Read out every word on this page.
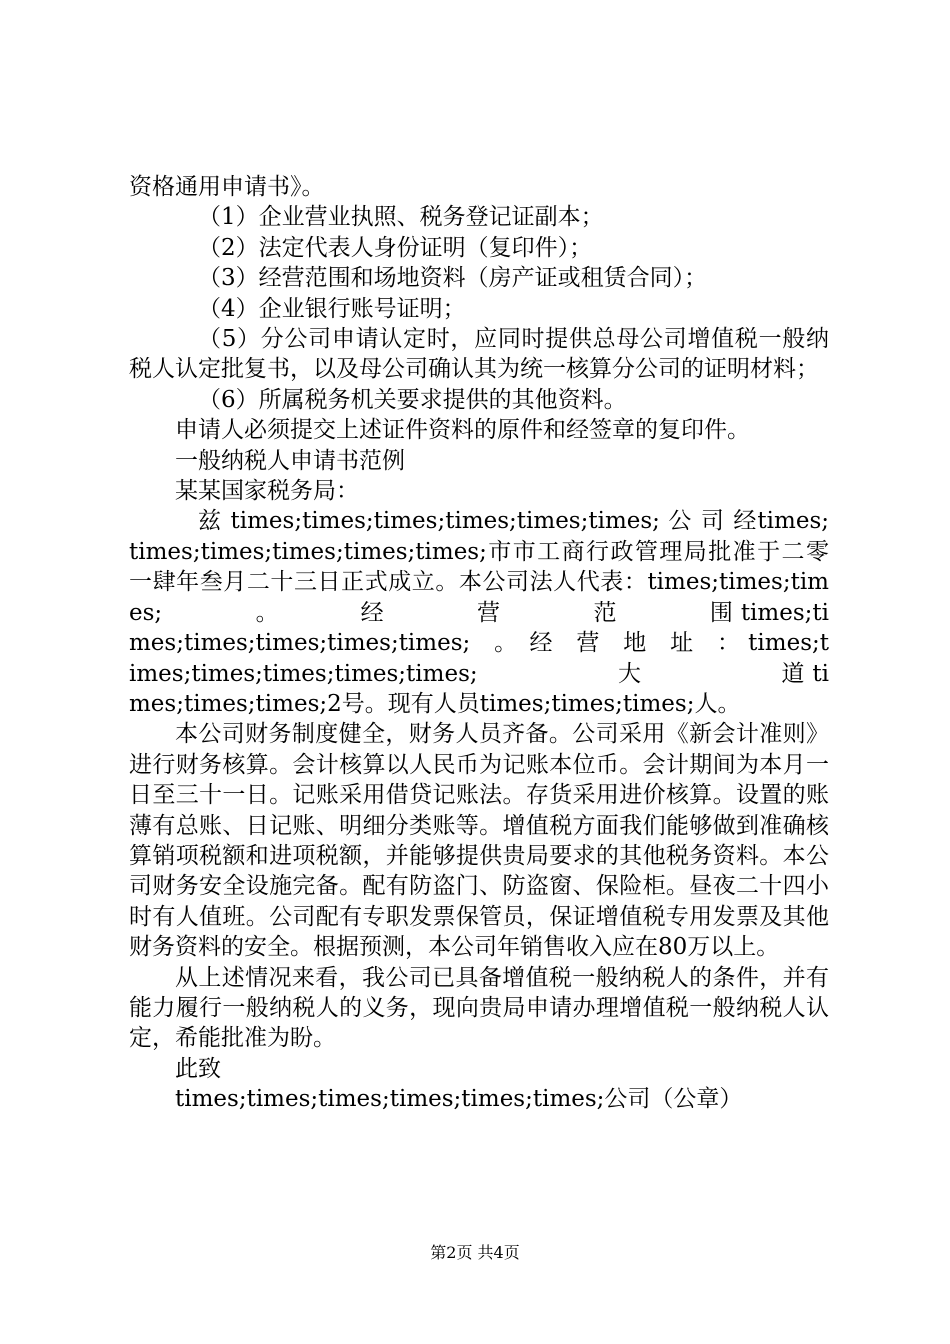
资格通用申请书》。

（1）企业营业执照、税务登记证副本；

（2）法定代表人身份证明（复印件）；

（3）经营范围和场地资料（房产证或租赁合同）；

（4）企业银行账号证明；

（5）分公司申请认定时，应同时提供总母公司增值税一般纳税人认定批复书，以及母公司确认其为统一核算分公司的证明材料；

（6）所属税务机关要求提供的其他资料。

申请人必须提交上述证件资料的原件和经签章的复印件。

一般纳税人申请书范例

某某国家税务局：

兹 times;times;times;times;times;times; 公 司 经times;times;times;times;times;times;市市工商行政管理局批准于二零一肆年叁月二十三日正式成立。本公司法人代表：times;times;times;　　　　。　　　　经　　　　营　　　　范　　　　围 times;times;times;times;times;times;　。　经　营　地　址　： times;times;times;times;times;times;　　　　　　大　　　　　　道 times;times;times;2号。现有人员times;times;times;人。

本公司财务制度健全，财务人员齐备。公司采用《新会计准则》进行财务核算。会计核算以人民币为记账本位币。会计期间为本月一日至三十一日。记账采用借贷记账法。存货采用进价核算。设置的账薄有总账、日记账、明细分类账等。增值税方面我们能够做到准确核算销项税额和进项税额，并能够提供贵局要求的其他税务资料。本公司财务安全设施完备。配有防盗门、防盗窗、保险柜。昼夜二十四小时有人值班。公司配有专职发票保管员，保证增值税专用发票及其他财务资料的安全。根据预测，本公司年销售收入应在80万以上。

从上述情况来看，我公司已具备增值税一般纳税人的条件，并有能力履行一般纳税人的义务，现向贵局申请办理增值税一般纳税人认定，希能批准为盼。

此致

times;times;times;times;times;times;公司（公章）

第2页 共4页
